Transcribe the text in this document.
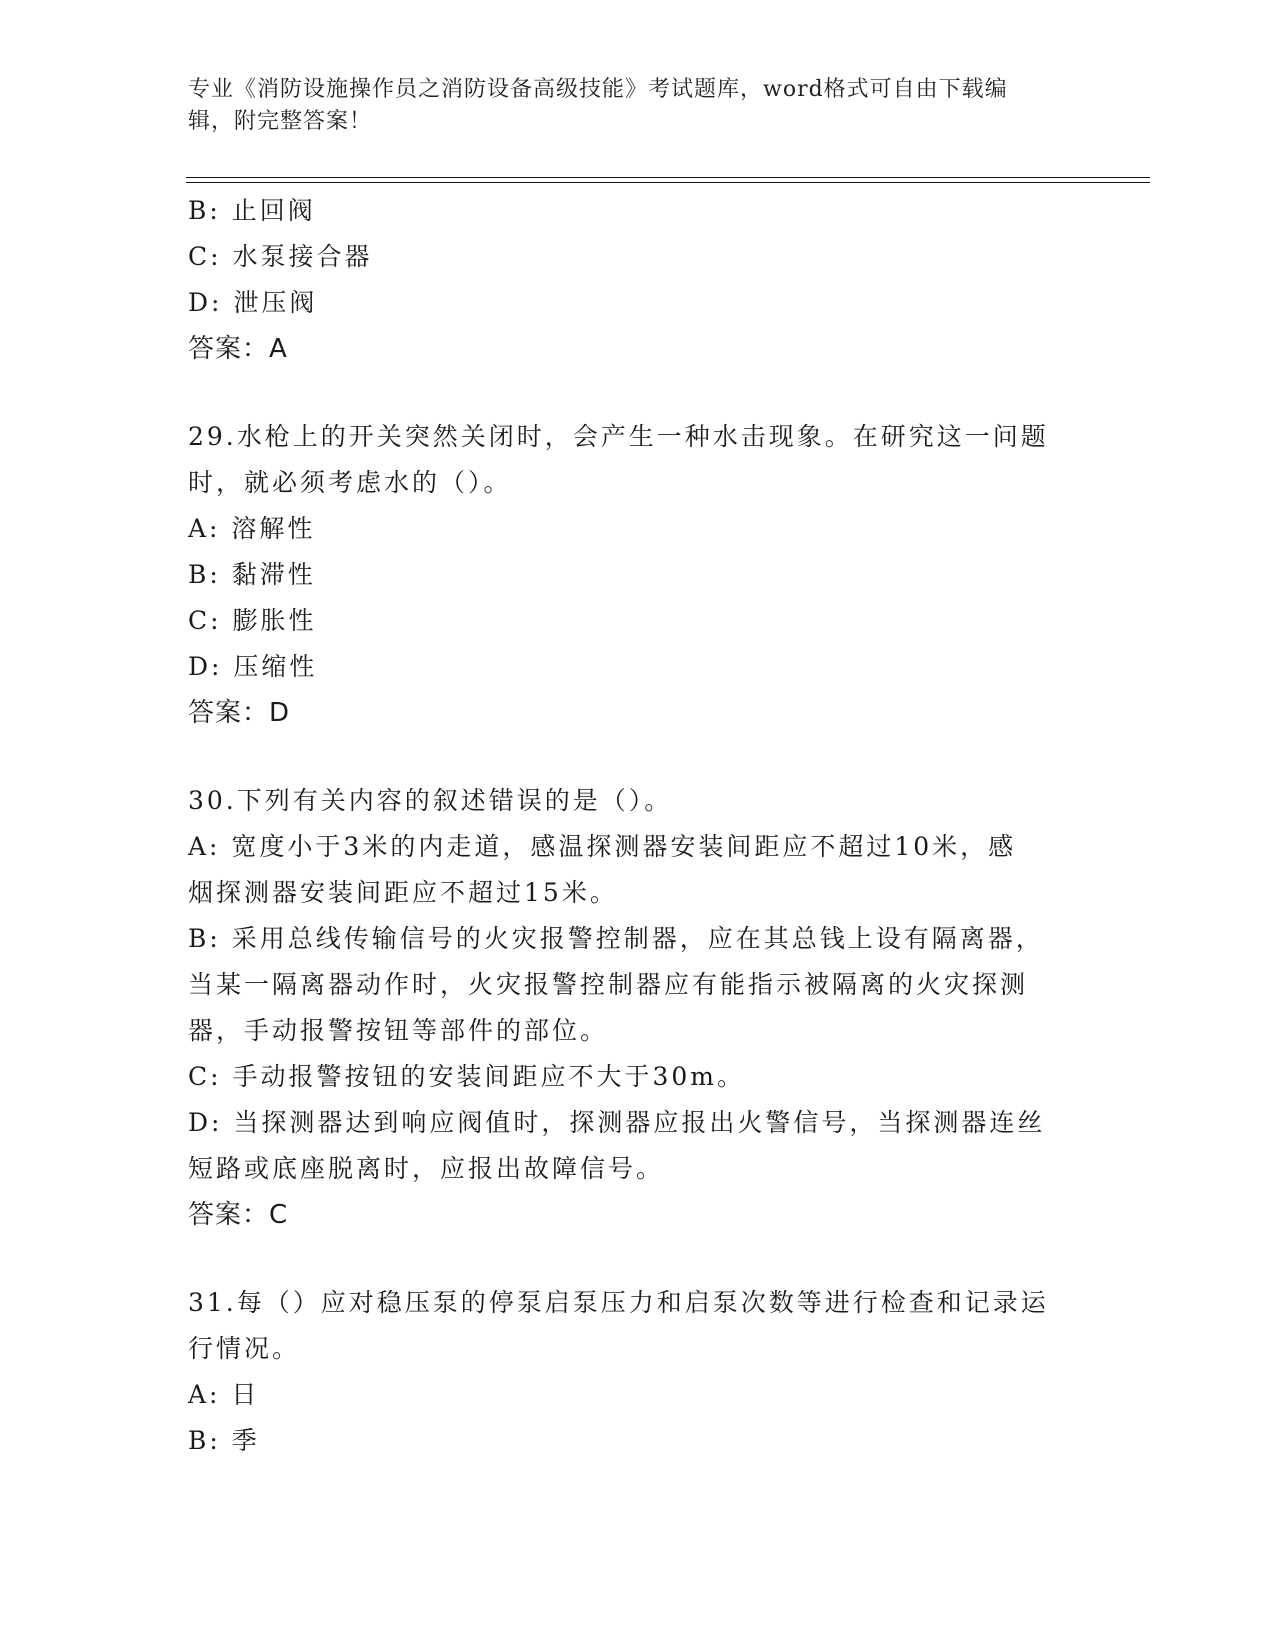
专业《消防设施操作员之消防设备高级技能》考试题库，word格式可自由下载编
辑，附完整答案！
B: 止回阀
C: 水泵接合器
D: 泄压阀
答案：A
29.水枪上的开关突然关闭时，会产生一种水击现象。在研究这一问题
时，就必须考虑水的（）。
A: 溶解性
B: 黏滞性
C: 膨胀性
D: 压缩性
答案：D
30.下列有关内容的叙述错误的是（）。
A: 宽度小于3米的内走道，感温探测器安装间距应不超过10米，感
烟探测器安装间距应不超过15米。
B: 采用总线传输信号的火灾报警控制器，应在其总钱上设有隔离器，
当某一隔离器动作时，火灾报警控制器应有能指示被隔离的火灾探测
器，手动报警按钮等部件的部位。
C: 手动报警按钮的安装间距应不大于30m。
D: 当探测器达到响应阀值时，探测器应报出火警信号，当探测器连丝
短路或底座脱离时，应报出故障信号。
答案：C
31.每（）应对稳压泵的停泵启泵压力和启泵次数等进行检查和记录运
行情况。
A: 日
B: 季
